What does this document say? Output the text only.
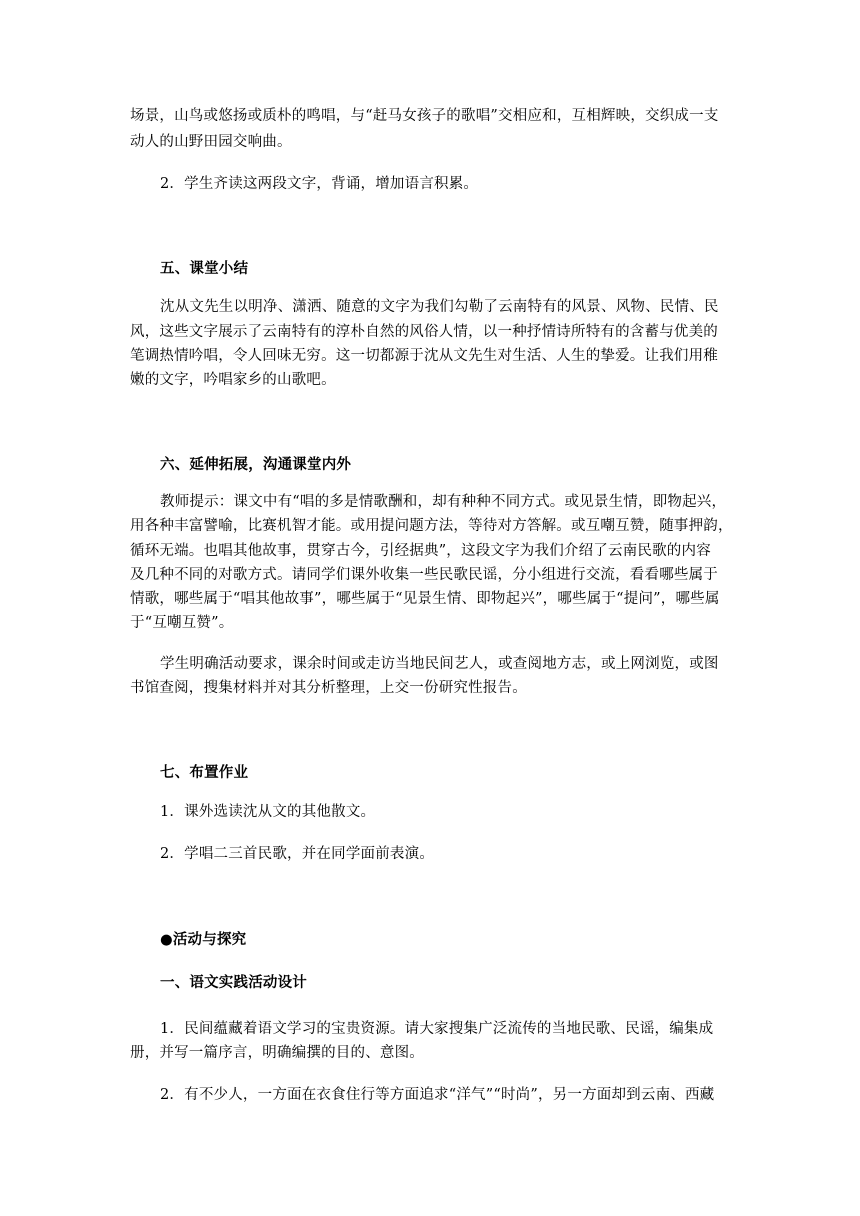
场景，山鸟或悠扬或质朴的鸣唱，与“赶马女孩子的歌唱”交相应和，互相辉映，交织成一支
动人的山野田园交响曲。
2．学生齐读这两段文字，背诵，增加语言积累。
五、课堂小结
沈从文先生以明净、潇洒、随意的文字为我们勾勒了云南特有的风景、风物、民情、民
风，这些文字展示了云南特有的淳朴自然的风俗人情，以一种抒情诗所特有的含蓄与优美的
笔调热情吟唱，令人回味无穷。这一切都源于沈从文先生对生活、人生的挚爱。让我们用稚
嫩的文字，吟唱家乡的山歌吧。
六、延伸拓展，沟通课堂内外
教师提示：课文中有“唱的多是情歌酬和，却有种种不同方式。或见景生情，即物起兴，
用各种丰富譬喻，比赛机智才能。或用提问题方法，等待对方答解。或互嘲互赞，随事押韵，
循环无端。也唱其他故事，贯穿古今，引经据典”，这段文字为我们介绍了云南民歌的内容
及几种不同的对歌方式。请同学们课外收集一些民歌民谣，分小组进行交流，看看哪些属于
情歌，哪些属于“唱其他故事”，哪些属于“见景生情、即物起兴”，哪些属于“提问”，哪些属
于“互嘲互赞”。
学生明确活动要求，课余时间或走访当地民间艺人，或查阅地方志，或上网浏览，或图
书馆查阅，搜集材料并对其分析整理，上交一份研究性报告。
七、布置作业
1．课外选读沈从文的其他散文。
2．学唱二三首民歌，并在同学面前表演。
●活动与探究
一、语文实践活动设计
1．民间蕴藏着语文学习的宝贵资源。请大家搜集广泛流传的当地民歌、民谣，编集成
册，并写一篇序言，明确编撰的目的、意图。
2．有不少人，一方面在衣食住行等方面追求“洋气”“时尚”，另一方面却到云南、西藏
